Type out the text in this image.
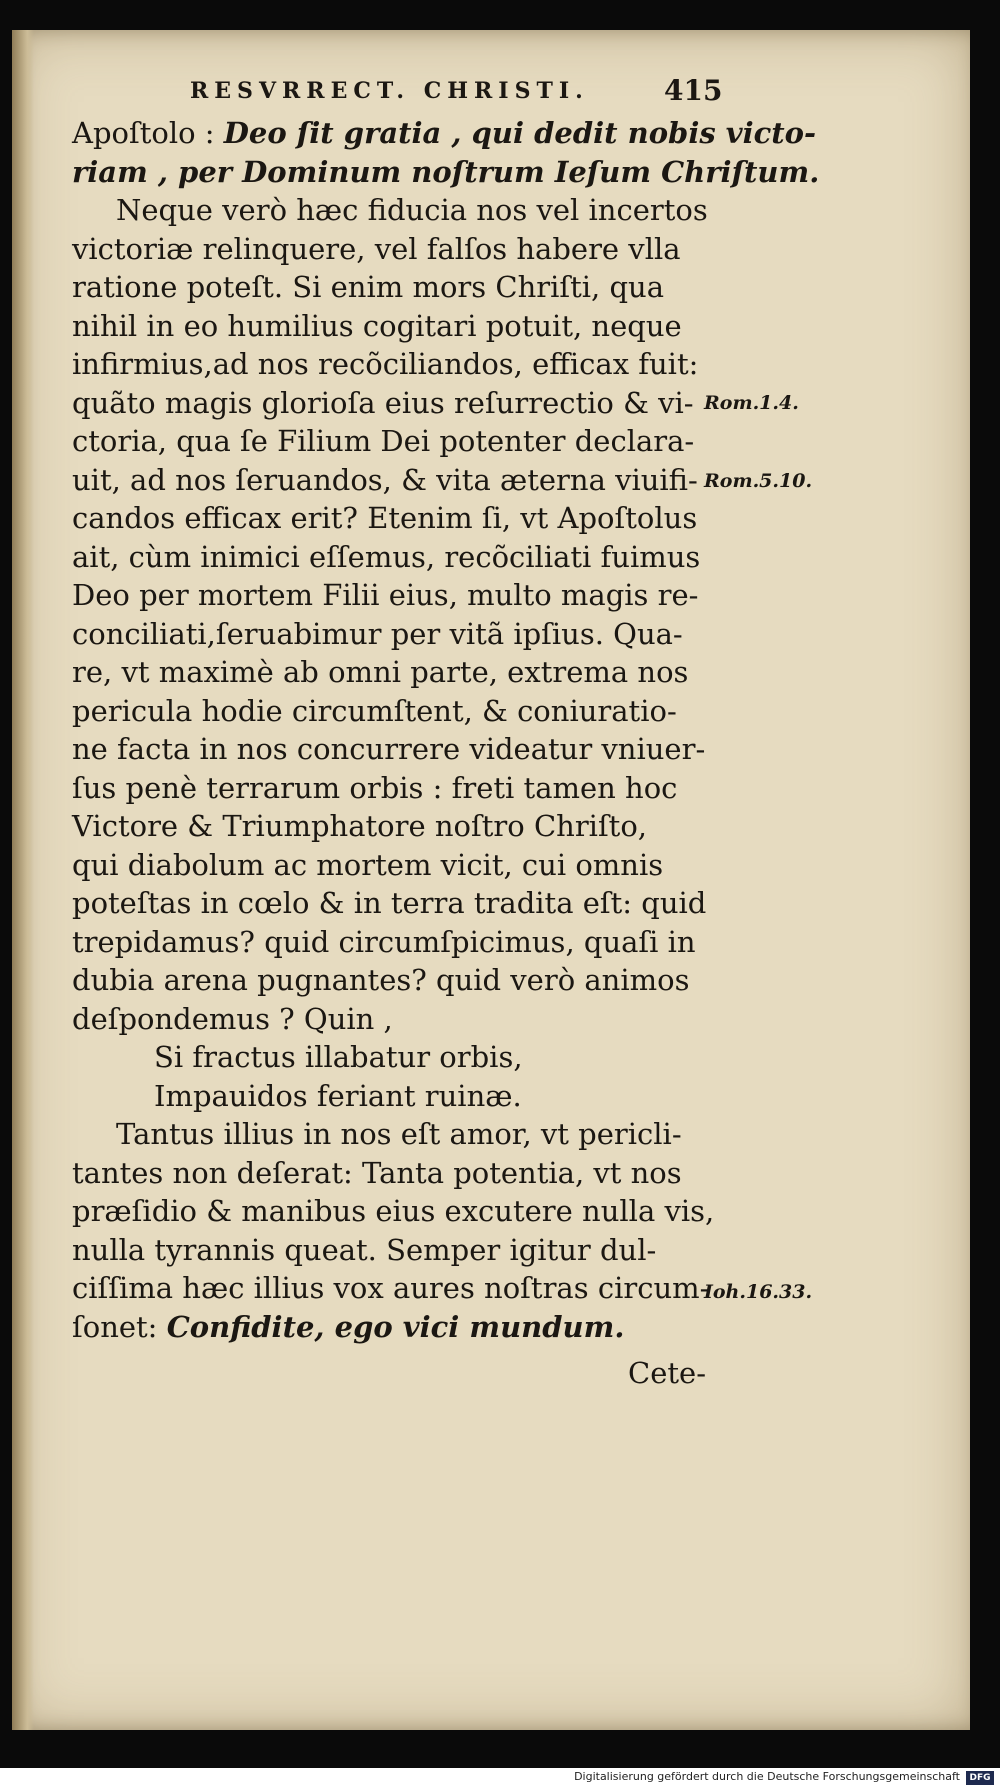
RESVRRECT. CHRISTI.	415
Apoſtolo : Deo ſit gratia , qui dedit nobis victo-
riam , per Dominum noſtrum Ieſum Chriſtum.
Neque verò hæc fiducia nos vel incertos
victoriæ relinquere, vel falſos habere vlla
ratione poteſt. Si enim mors Chriſti, qua
nihil in eo humilius cogitari potuit, neque
infirmius,ad nos recõciliandos, efficax fuit:
quãto magis glorioſa eius reſurrectio & vi-
ctoria, qua ſe Filium Dei potenter declara-
uit, ad nos ſeruandos, & vita æterna viuifi-
candos efficax erit? Etenim ſi, vt Apoſtolus
ait, cùm inimici eſſemus, recõciliati fuimus
Deo per mortem Filii eius, multo magis re-
conciliati,ſeruabimur per vitã ipſius. Qua-
re, vt maximè ab omni parte, extrema nos
pericula hodie circumſtent, & coniuratio-
ne facta in nos concurrere videatur vniuer-
ſus penè terrarum orbis : freti tamen hoc
Victore & Triumphatore noſtro Chriſto,
qui diabolum ac mortem vicit, cui omnis
poteſtas in cœlo & in terra tradita eſt: quid
trepidamus? quid circumſpicimus, quaſi in
dubia arena pugnantes? quid verò animos
deſpondemus ? Quin ,
Si fractus illabatur orbis,
Impauidos feriant ruinæ.
Tantus illius in nos eſt amor, vt pericli-
tantes non deſerat: Tanta potentia, vt nos
præſidio & manibus eius excutere nulla vis,
nulla tyrannis queat. Semper igitur dul-
ciſſima hæc illius vox aures noſtras circum-
ſonet: Confidite, ego vici mundum.
Cete-
Rom.1.4.
Rom.5.10.
Ioh.16.33.
Digitalisierung gefördert durch die Deutsche Forschungsgemeinschaft	DFG
